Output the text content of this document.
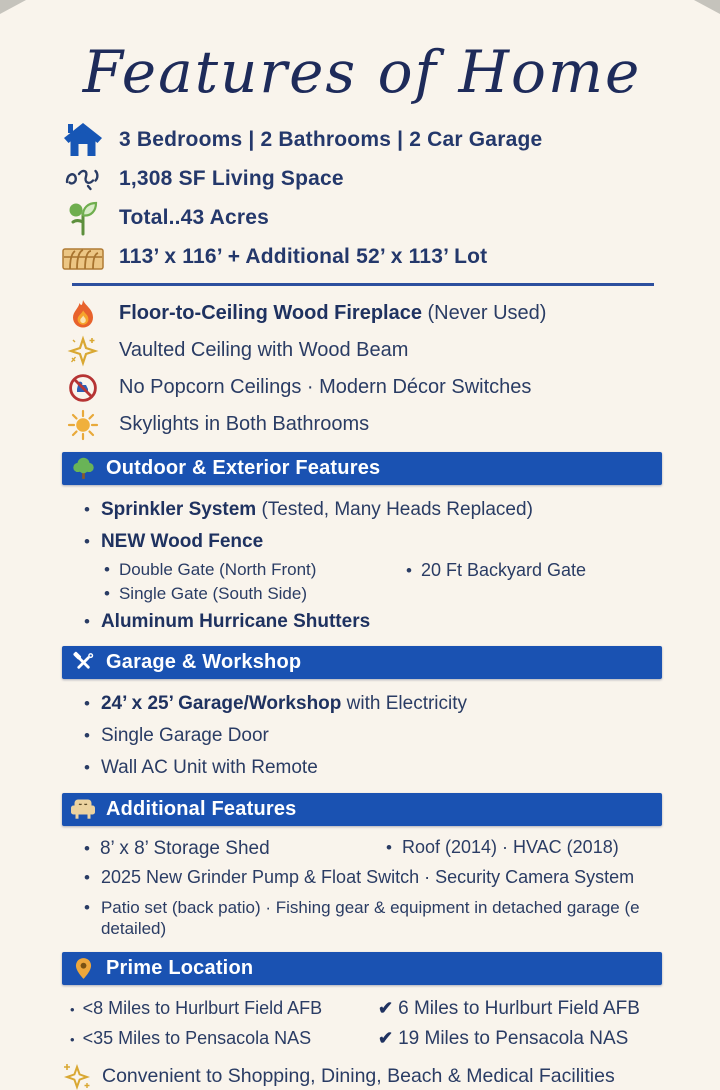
Features of Home
3 Bedrooms | 2 Bathrooms | 2 Car Garage
1,308 SF Living Space
Total..43 Acres
113’ x 116’ + Additional 52’ x 113’ Lot
Floor-to-Ceiling Wood Fireplace (Never Used)
Vaulted Ceiling with Wood Beam
No Popcorn Ceilings · Modern Décor Switches
Skylights in Both Bathrooms
Outdoor & Exterior Features
• Sprinkler System (Tested, Many Heads Replaced)
• NEW Wood Fence
• Double Gate (North Front)
• Single Gate (South Side)
• 20 Ft Backyard Gate
• Aluminum Hurricane Shutters
Garage & Workshop
• 24’ x 25’ Garage/Workshop with Electricity
• Single Garage Door
• Wall AC Unit with Remote
Additional Features
• 8’ x 8’ Storage Shed	• Roof (2014) · HVAC (2018)
• 2025 New Grinder Pump & Float Switch · Security Camera System
• Patio set (back patio) · Fishing gear & equipment in detached garage (e detailed)
Prime Location
• <8 Miles to Hurlburt Field AFB	✔ 6 Miles to Hurlburt Field AFB
• <35 Miles to Pensacola NAS	✔ 19 Miles to Pensacola NAS
Convenient to Shopping, Dining, Beach & Medical Facilities
